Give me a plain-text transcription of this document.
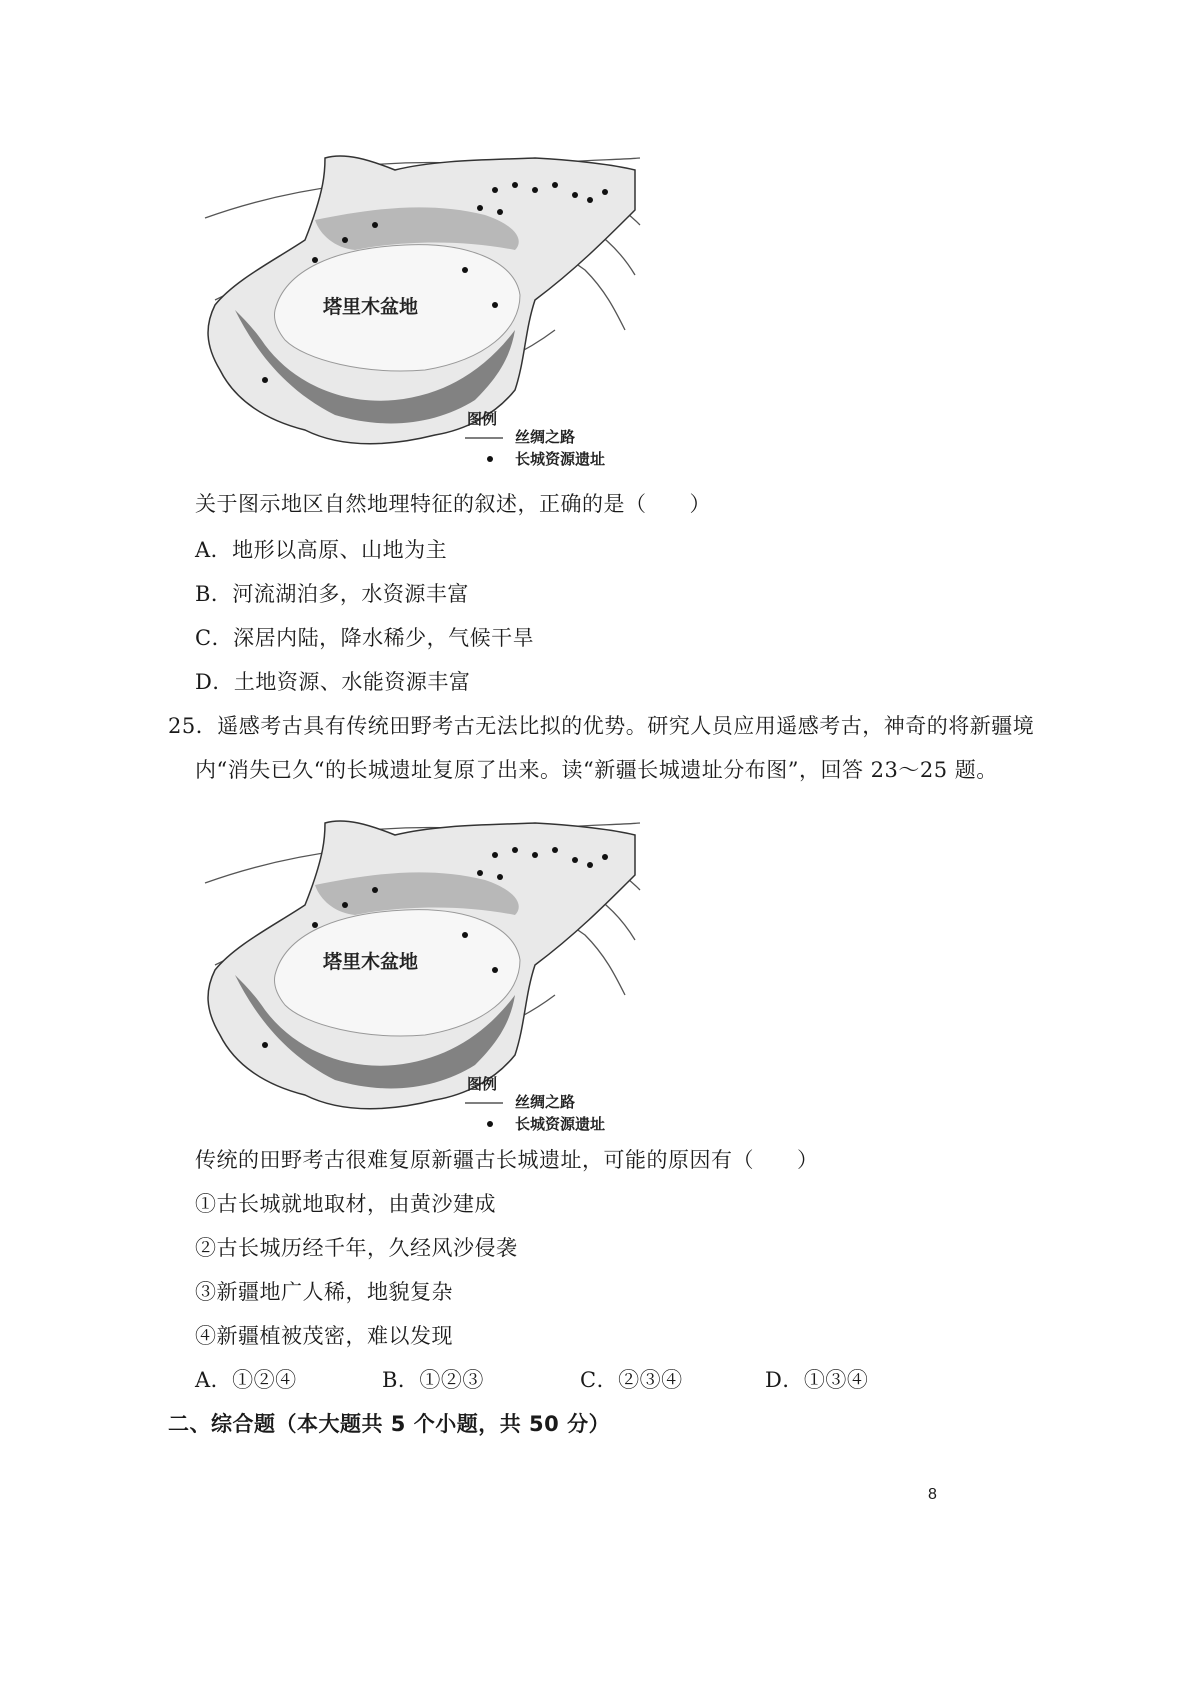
塔里木盆地
图例
丝绸之路
长城资源遗址
关于图示地区自然地理特征的叙述，正确的是（　　）
A．地形以高原、山地为主
B．河流湖泊多，水资源丰富
C．深居内陆，降水稀少，气候干旱
D．土地资源、水能资源丰富
25．遥感考古具有传统田野考古无法比拟的优势。研究人员应用遥感考古，神奇的将新疆境
内“消失已久“的长城遗址复原了出来。读“新疆长城遗址分布图”，回答 23～25 题。
塔里木盆地
图例
丝绸之路
长城资源遗址
传统的田野考古很难复原新疆古长城遗址，可能的原因有（　　）
①古长城就地取材，由黄沙建成
②古长城历经千年，久经风沙侵袭
③新疆地广人稀，地貌复杂
④新疆植被茂密，难以发现
A．①②④	B．①②③	C．②③④	D．①③④
二、综合题（本大题共 5 个小题，共 50 分）
8
